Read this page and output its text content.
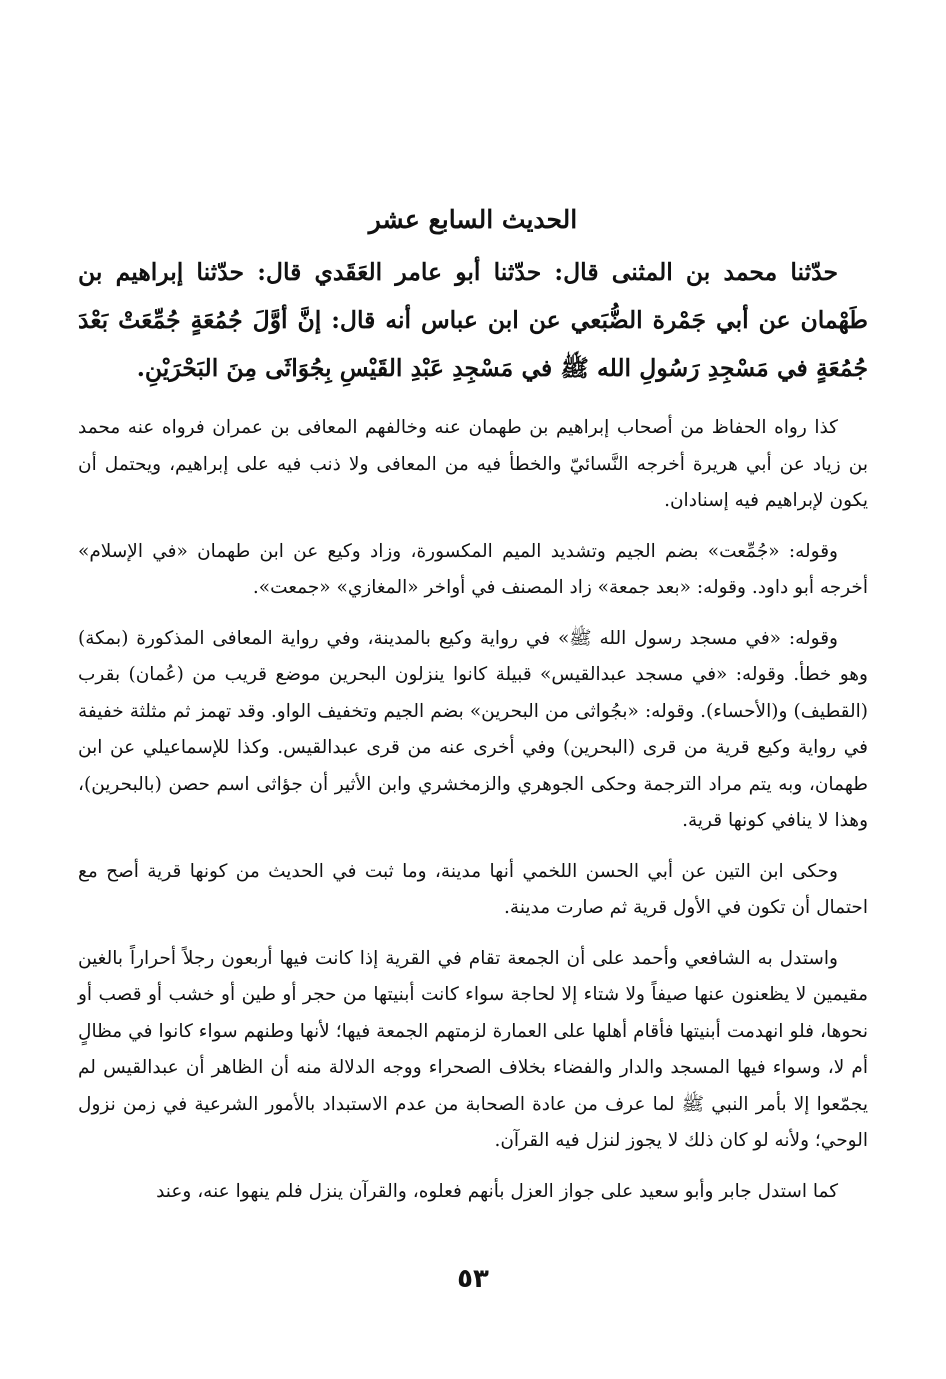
الحديث السابع عشر

حدّثنا محمد بن المثنى قال: حدّثنا أبو عامر العَقَدي قال: حدّثنا إبراهيم بن طَهْمان عن أبي جَمْرة الضُّبَعي عن ابن عباس أنه قال: إنَّ أوَّلَ جُمُعَةٍ جُمِّعَتْ بَعْدَ جُمُعَةٍ في مَسْجِدِ رَسُولِ الله ﷺ في مَسْجِدِ عَبْدِ القَيْسِ بِجُوَاثَى مِنَ البَحْرَيْنِ.

كذا رواه الحفاظ من أصحاب إبراهيم بن طهمان عنه وخالفهم المعافى بن عمران فرواه عنه محمد بن زياد عن أبي هريرة أخرجه النَّسائيّ والخطأ فيه من المعافى ولا ذنب فيه على إبراهيم، ويحتمل أن يكون لإبراهيم فيه إسنادان.

وقوله: «جُمِّعت» بضم الجيم وتشديد الميم المكسورة، وزاد وكيع عن ابن طهمان «في الإسلام» أخرجه أبو داود. وقوله: «بعد جمعة» زاد المصنف في أواخر «المغازي» «جمعت».

وقوله: «في مسجد رسول الله ﷺ» في رواية وكيع بالمدينة، وفي رواية المعافى المذكورة (بمكة) وهو خطأ. وقوله: «في مسجد عبدالقيس» قبيلة كانوا ينزلون البحرين موضع قريب من (عُمان) بقرب (القطيف) و(الأحساء). وقوله: «بجُواثى من البحرين» بضم الجيم وتخفيف الواو. وقد تهمز ثم مثلثة خفيفة في رواية وكيع قرية من قرى (البحرين) وفي أخرى عنه من قرى عبدالقيس. وكذا للإسماعيلي عن ابن طهمان، وبه يتم مراد الترجمة وحكى الجوهري والزمخشري وابن الأثير أن جؤاثى اسم حصن (بالبحرين)، وهذا لا ينافي كونها قرية.

وحكى ابن التين عن أبي الحسن اللخمي أنها مدينة، وما ثبت في الحديث من كونها قرية أصح مع احتمال أن تكون في الأول قرية ثم صارت مدينة.

واستدل به الشافعي وأحمد على أن الجمعة تقام في القرية إذا كانت فيها أربعون رجلاً أحراراً بالغين مقيمين لا يظعنون عنها صيفاً ولا شتاء إلا لحاجة سواء كانت أبنيتها من حجر أو طين أو خشب أو قصب أو نحوها، فلو انهدمت أبنيتها فأقام أهلها على العمارة لزمتهم الجمعة فيها؛ لأنها وطنهم سواء كانوا في مظالٍ أم لا، وسواء فيها المسجد والدار والفضاء بخلاف الصحراء ووجه الدلالة منه أن الظاهر أن عبدالقيس لم يجمّعوا إلا بأمر النبي ﷺ لما عرف من عادة الصحابة من عدم الاستبداد بالأمور الشرعية في زمن نزول الوحي؛ ولأنه لو كان ذلك لا يجوز لنزل فيه القرآن.

كما استدل جابر وأبو سعيد على جواز العزل بأنهم فعلوه، والقرآن ينزل فلم ينهوا عنه، وعند

٥٣
